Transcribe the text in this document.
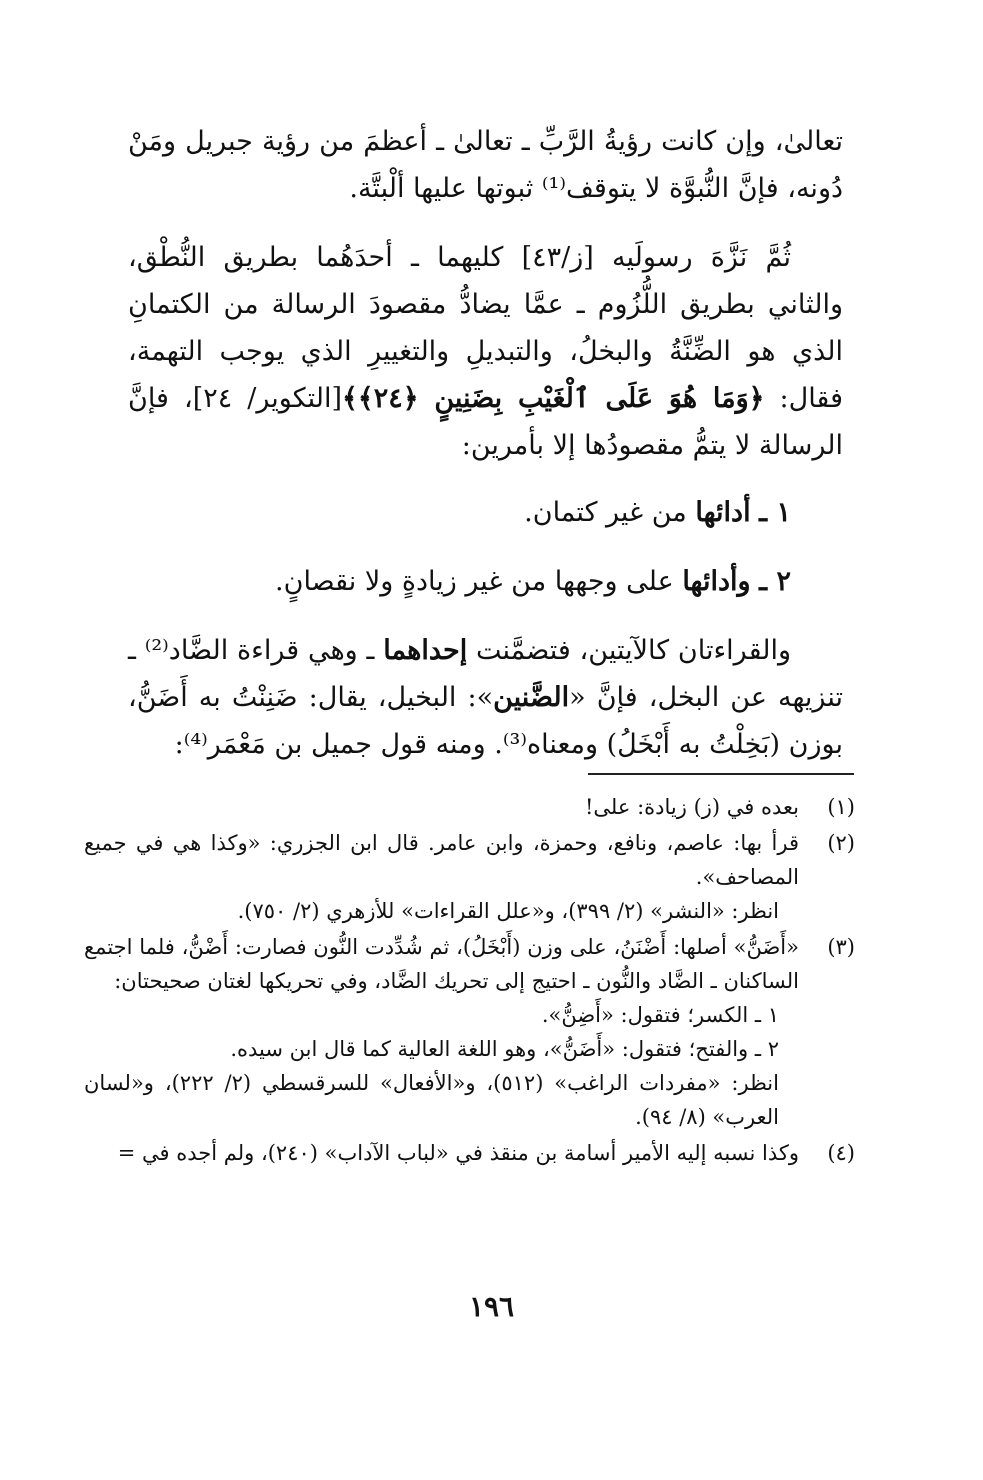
تعالىٰ، وإن كانت رؤيةُ الرَّبِّ ـ تعالىٰ ـ أعظمَ من رؤية جبريل ومَنْ دُونه، فإنَّ النُّبوَّة لا يتوقف⁽¹⁾ ثبوتها عليها ألْبتَّة.

ثُمَّ نَزَّهَ رسولَيه [ز/٤٣] كليهما ـ أحدَهُما بطريق النُّطْق، والثاني بطريق اللُّزُوم ـ عمَّا يضادُّ مقصودَ الرسالة من الكتمانِ الذي هو الضِّنَّةُ والبخلُ، والتبديلِ والتغييرِ الذي يوجب التهمة، فقال: ﴿وَمَا هُوَ عَلَى ٱلْغَيْبِ بِضَنِينٍ ﴿٢٤﴾﴾[التكوير/ ٢٤]، فإنَّ الرسالة لا يتمُّ مقصودُها إلا بأمرين:

١ ـ أدائها من غير كتمان.

٢ ـ وأدائها على وجهها من غير زيادةٍ ولا نقصانٍ.

والقراءتان كالآيتين، فتضمَّنت إحداهما ـ وهي قراءة الضَّاد⁽²⁾ ـ تنزيهه عن البخل، فإنَّ «الضَّنين»: البخيل، يقال: ضَنِنْتُ به أَضَنُّ، بوزن (بَخِلْتُ به أَبْخَلُ) ومعناه⁽³⁾. ومنه قول جميل بن مَعْمَر⁽⁴⁾:

(١)
بعده في (ز) زيادة: على!
(٢)
قرأ بها: عاصم، ونافع، وحمزة، وابن عامر. قال ابن الجزري: «وكذا هي في جميع المصاحف».
انظر: «النشر» (٢/ ٣٩٩)، و«علل القراءات» للأزهري (٢/ ٧٥٠).
(٣)
«أَضَنُّ» أصلها: أَضْنَنُ، على وزن (أَبْخَلُ)، ثم شُدِّدت النُّون فصارت: أَضْنُّ، فلما اجتمع الساكنان ـ الضَّاد والنُّون ـ احتيج إلى تحريك الضَّاد، وفي تحريكها لغتان صحيحتان:
١ ـ الكسر؛ فتقول: «أَضِنُّ».
٢ ـ والفتح؛ فتقول: «أَضَنُّ»، وهو اللغة العالية كما قال ابن سيده.
انظر: «مفردات الراغب» (٥١٢)، و«الأفعال» للسرقسطي (٢/ ٢٢٢)، و«لسان العرب» (٨/ ٩٤).
(٤)
وكذا نسبه إليه الأمير أسامة بن منقذ في «لباب الآداب» (٢٤٠)، ولم أجده في =
١٩٦
